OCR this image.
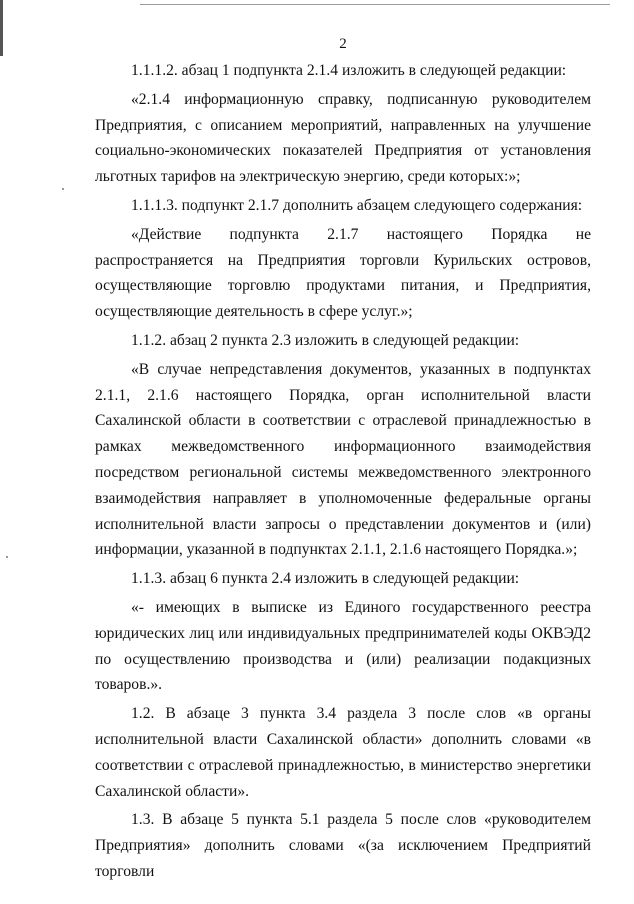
2

1.1.1.2. абзац 1 подпункта 2.1.4 изложить в следующей редакции:

«2.1.4 информационную справку, подписанную руководителем Предприятия, с описанием мероприятий, направленных на улучшение социально-экономических показателей Предприятия от установления льготных тарифов на электрическую энергию, среди которых:»;

1.1.1.3. подпункт 2.1.7 дополнить абзацем следующего содержания:

«Действие подпункта 2.1.7 настоящего Порядка не распространяется на Предприятия торговли Курильских островов, осуществляющие торговлю продуктами питания, и Предприятия, осуществляющие деятельность в сфере услуг.»;

1.1.2. абзац 2 пункта 2.3 изложить в следующей редакции:

«В случае непредставления документов, указанных в подпунктах 2.1.1, 2.1.6 настоящего Порядка, орган исполнительной власти Сахалинской области в соответствии с отраслевой принадлежностью в рамках межведомственного информационного взаимодействия посредством региональной системы межведомственного электронного взаимодействия направляет в уполномоченные федеральные органы исполнительной власти запросы о представлении документов и (или) информации, указанной в подпунктах 2.1.1, 2.1.6 настоящего Порядка.»;

1.1.3. абзац 6 пункта 2.4 изложить в следующей редакции:

«- имеющих в выписке из Единого государственного реестра юридических лиц или индивидуальных предпринимателей коды ОКВЭД2 по осуществлению производства и (или) реализации подакцизных товаров.».

1.2. В абзаце 3 пункта 3.4 раздела 3 после слов «в органы исполнительной власти Сахалинской области» дополнить словами «в соответствии с отраслевой принадлежностью, в министерство энергетики Сахалинской области».

1.3. В абзаце 5 пункта 5.1 раздела 5 после слов «руководителем Предприятия» дополнить словами «(за исключением Предприятий торговли
